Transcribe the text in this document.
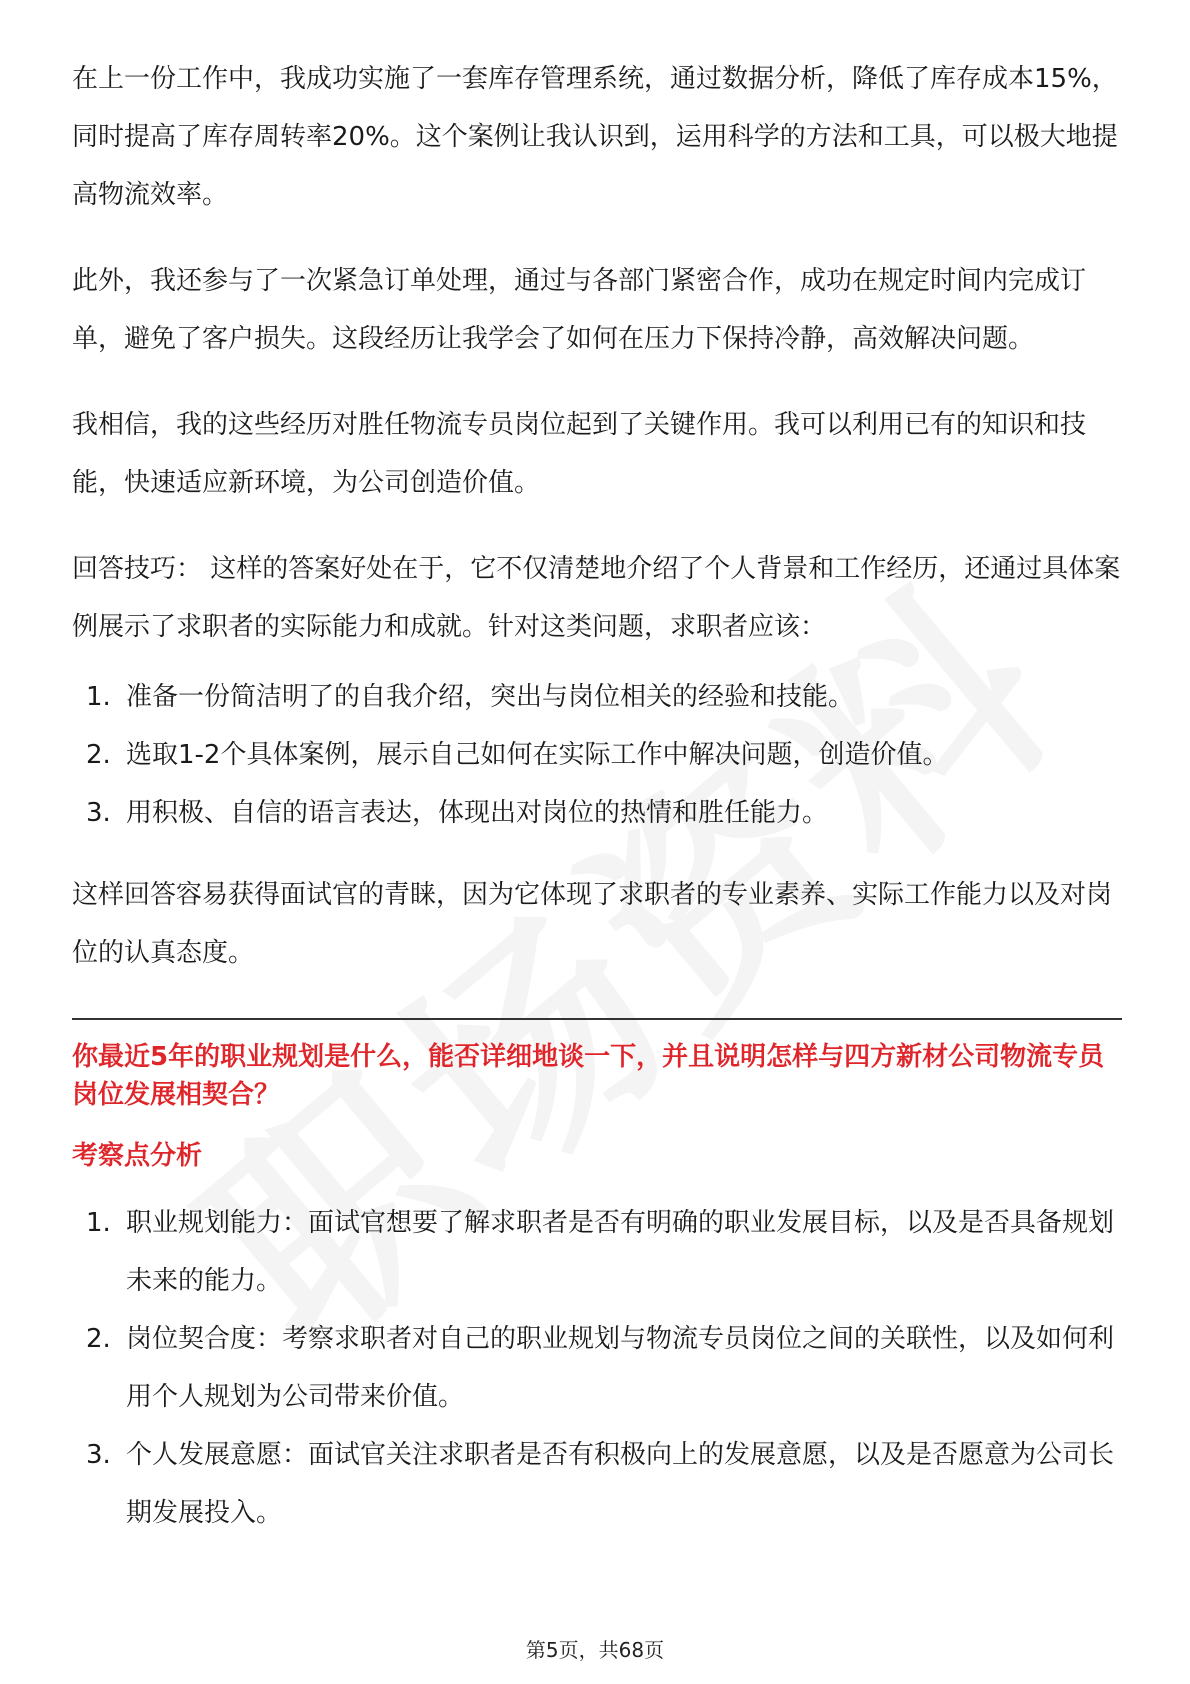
在上一份工作中，我成功实施了一套库存管理系统，通过数据分析，降低了库存成本15%，同时提高了库存周转率20%。这个案例让我认识到，运用科学的方法和工具，可以极大地提高物流效率。

此外，我还参与了一次紧急订单处理，通过与各部门紧密合作，成功在规定时间内完成订单，避免了客户损失。这段经历让我学会了如何在压力下保持冷静，高效解决问题。

我相信，我的这些经历对胜任物流专员岗位起到了关键作用。我可以利用已有的知识和技能，快速适应新环境，为公司创造价值。

回答技巧： 这样的答案好处在于，它不仅清楚地介绍了个人背景和工作经历，还通过具体案例展示了求职者的实际能力和成就。针对这类问题，求职者应该：

1. 准备一份简洁明了的自我介绍，突出与岗位相关的经验和技能。
2. 选取1-2个具体案例，展示自己如何在实际工作中解决问题，创造价值。
3. 用积极、自信的语言表达，体现出对岗位的热情和胜任能力。

这样回答容易获得面试官的青睐，因为它体现了求职者的专业素养、实际工作能力以及对岗位的认真态度。

你最近5年的职业规划是什么，能否详细地谈一下，并且说明怎样与四方新材公司物流专员岗位发展相契合？

考察点分析

1. 职业规划能力：面试官想要了解求职者是否有明确的职业发展目标，以及是否具备规划未来的能力。
2. 岗位契合度：考察求职者对自己的职业规划与物流专员岗位之间的关联性，以及如何利用个人规划为公司带来价值。
3. 个人发展意愿：面试官关注求职者是否有积极向上的发展意愿，以及是否愿意为公司长期发展投入。
第5页，共68页
